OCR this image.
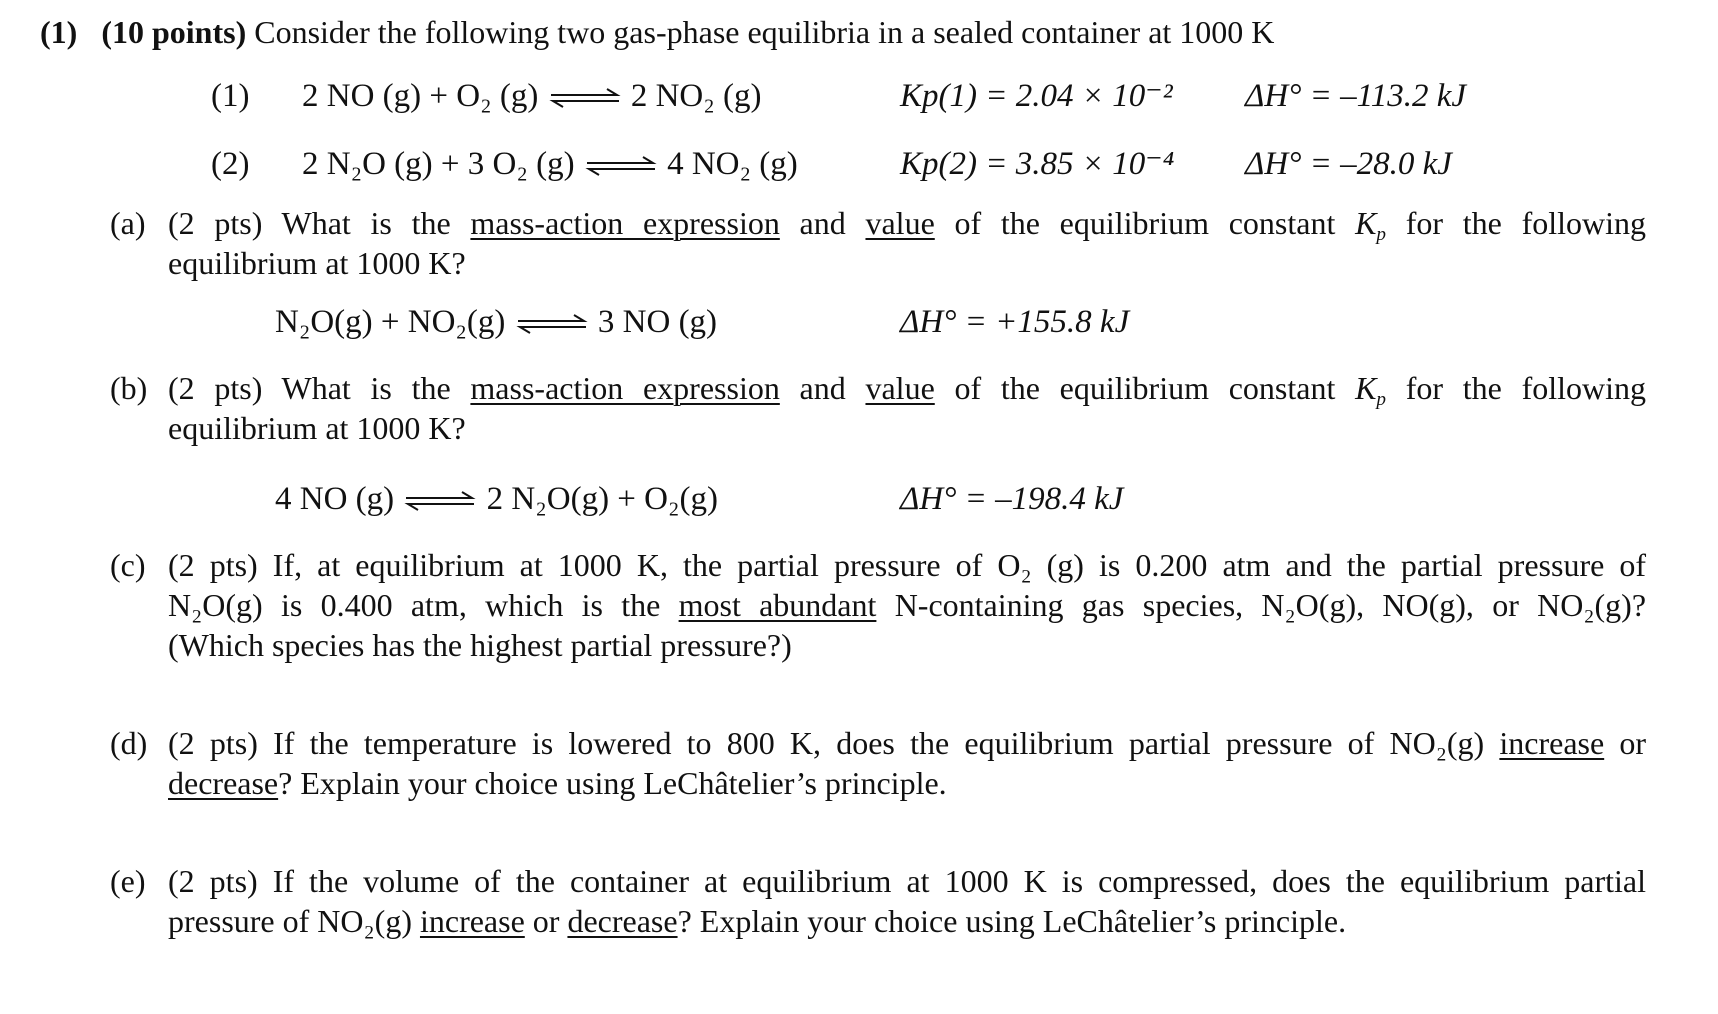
(1) (10 points) Consider the following two gas-phase equilibria in a sealed container at 1000 K
(1) 2 NO (g) + O₂ (g) ⇌ 2 NO₂ (g)	Kp(1) = 2.04 × 10⁻² ΔH° = –113.2 kJ
(2) 2 N₂O (g) + 3 O₂ (g) ⇌ 4 NO₂ (g)	Kp(2) = 3.85 × 10⁻⁴ ΔH° = –28.0 kJ
(a) (2 pts) What is the mass-action expression and value of the equilibrium constant $K_p$ for the following
equilibrium at 1000 K?
N₂O(g) + NO₂(g) ⇌ 3 NO (g)	ΔH° = +155.8 kJ
(b) (2 pts) What is the mass-action expression and value of the equilibrium constant $K_p$ for the following
equilibrium at 1000 K?
4 NO (g) ⇌ 2 N₂O(g) + O₂(g)	ΔH° = –198.4 kJ
(c) (2 pts) If, at equilibrium at 1000 K, the partial pressure of O₂ (g) is 0.200 atm and the partial pressure of
N₂O(g) is 0.400 atm, which is the most abundant N-containing gas species, N₂O(g), NO(g), or NO₂(g)?
(Which species has the highest partial pressure?)
(d) (2 pts) If the temperature is lowered to 800 K, does the equilibrium partial pressure of NO₂(g) increase or
decrease? Explain your choice using LeChâtelier’s principle.
(e) (2 pts) If the volume of the container at equilibrium at 1000 K is compressed, does the equilibrium partial
pressure of NO₂(g) increase or decrease? Explain your choice using LeChâtelier’s principle.
